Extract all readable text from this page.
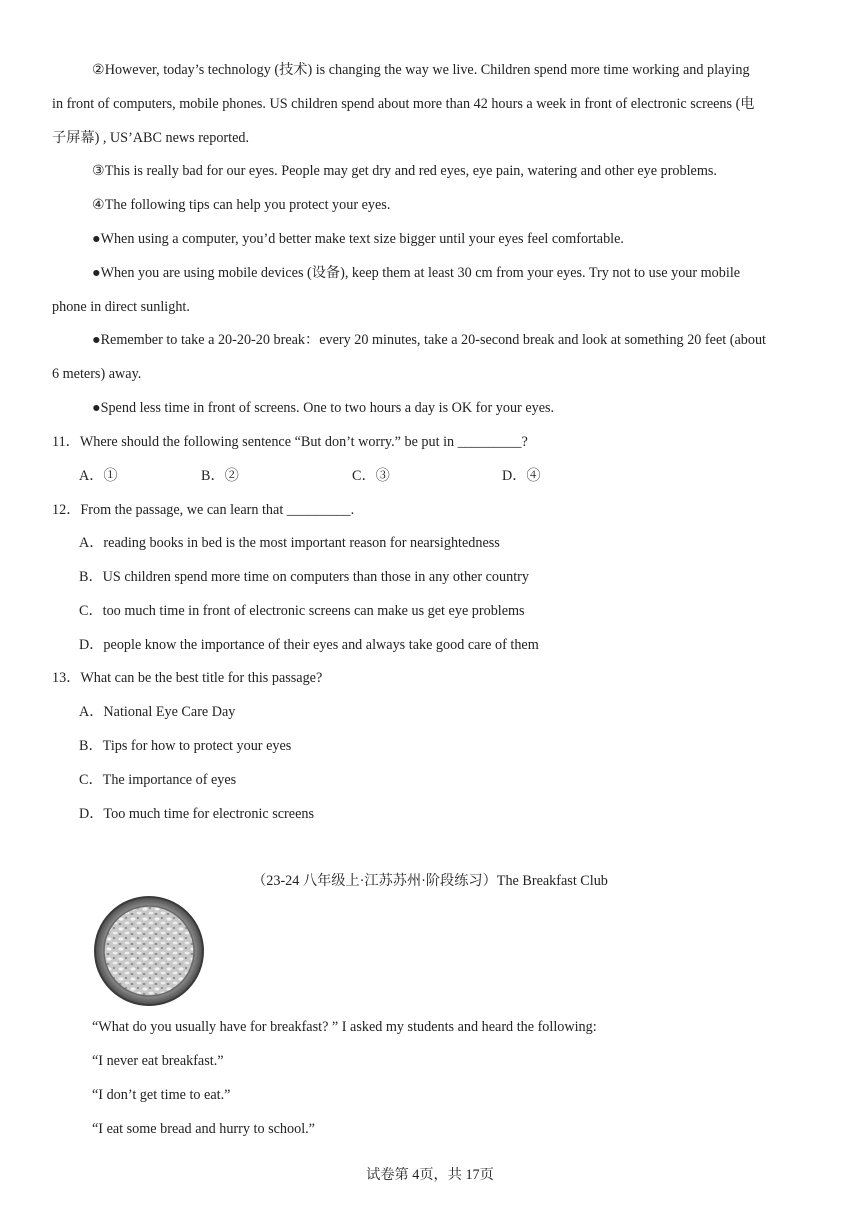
②However, today’s technology (技术) is changing the way we live. Children spend more time working and playing
in front of computers, mobile phones. US children spend about more than 42 hours a week in front of electronic screens (电
子屏幕) , US’ABC news reported.
③This is really bad for our eyes. People may get dry and red eyes, eye pain, watering and other eye problems.
④The following tips can help you protect your eyes.
●When using a computer, you’d better make text size bigger until your eyes feel comfortable.
●When you are using mobile devices (设备), keep them at least 30 cm from your eyes. Try not to use your mobile
phone in direct sunlight.
●Remember to take a 20-20-20 break：every 20 minutes, take a 20-second break and look at something 20 feet (about
6 meters) away.
●Spend less time in front of screens. One to two hours a day is OK for your eyes.
11．Where should the following sentence “But don’t worry.” be put in _________?
A．①	B．②	C．③	D．④
12．From the passage, we can learn that _________.
A．reading books in bed is the most important reason for nearsightedness
B．US children spend more time on computers than those in any other country
C．too much time in front of electronic screens can make us get eye problems
D．people know the importance of their eyes and always take good care of them
13．What can be the best title for this passage?
A．National Eye Care Day
B．Tips for how to protect your eyes
C．The importance of eyes
D．Too much time for electronic screens
（23-24 八年级上·江苏苏州·阶段练习）The Breakfast Club
“What do you usually have for breakfast? ” I asked my students and heard the following:
“I never eat breakfast.”
“I don’t get time to eat.”
“I eat some bread and hurry to school.”
试卷第 4页，共 17页
